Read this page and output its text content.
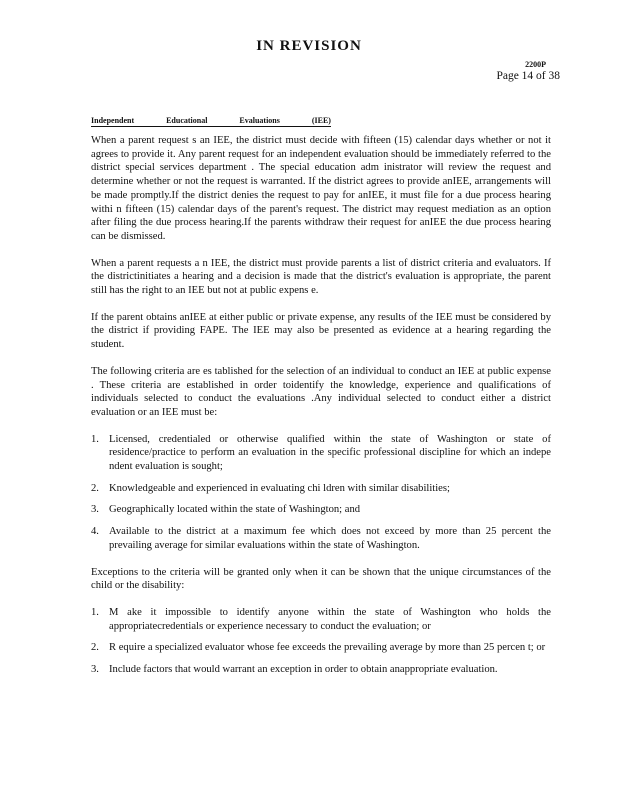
IN REVISION
2200P
Page 14 of 38
Independent	Educational	Evaluations	(IEE)

When a parent request s an IEE, the district must decide with fifteen (15) calendar days whether or not it agrees to provide it. Any parent request for an independent evaluation should be immediately referred to the district special services department . The special education adm inistrator will review the request and determine whether or not the request is warranted. If the district agrees to provide anIEE, arrangements will be made promptly.If the district denies the request to pay for anIEE, it must file for a due process hearing withi n fifteen (15) calendar days of the parent's request. The district may request mediation as an option after filing the due process hearing.If the parents withdraw their request for anIEE the due process hearing can be dismissed.

When a parent requests a n IEE, the district must provide parents a list of district criteria and evaluators. If the districtinitiates a hearing and a decision is made that the district's evaluation is appropriate, the parent still has the right to an IEE but not at public expens e.

If the parent obtains anIEE at either public or private expense, any results of the IEE must be considered by the district if providing FAPE. The IEE may also be presented as evidence at a hearing regarding the student.

The following criteria are es tablished for the selection of an individual to conduct an IEE at public expense . These criteria are established in order toidentify the knowledge, experience and qualifications of individuals selected to conduct the evaluations .Any individual selected to conduct either a district evaluation or an IEE must be:

1. Licensed, credentialed or otherwise qualified within the state of Washington or state of residence/practice to perform an evaluation in the specific professional discipline for which an indepe ndent evaluation is sought;
2. Knowledgeable and experienced in evaluating chi ldren with similar disabilities;
3. Geographically located within the state of Washington; and
4. Available to the district at a maximum fee which does not exceed by more than 25 percent the prevailing average for similar evaluations within the state of Washington.

Exceptions to the criteria will be granted only when it can be shown that the unique circumstances of the child or the disability:

1. M ake it impossible to identify anyone within the state of Washington who holds the appropriatecredentials or experience necessary to conduct the evaluation; or
2. R equire a specialized evaluator whose fee exceeds the prevailing average by more than 25 percen t; or
3. Include factors that would warrant an exception in order to obtain anappropriate evaluation.
